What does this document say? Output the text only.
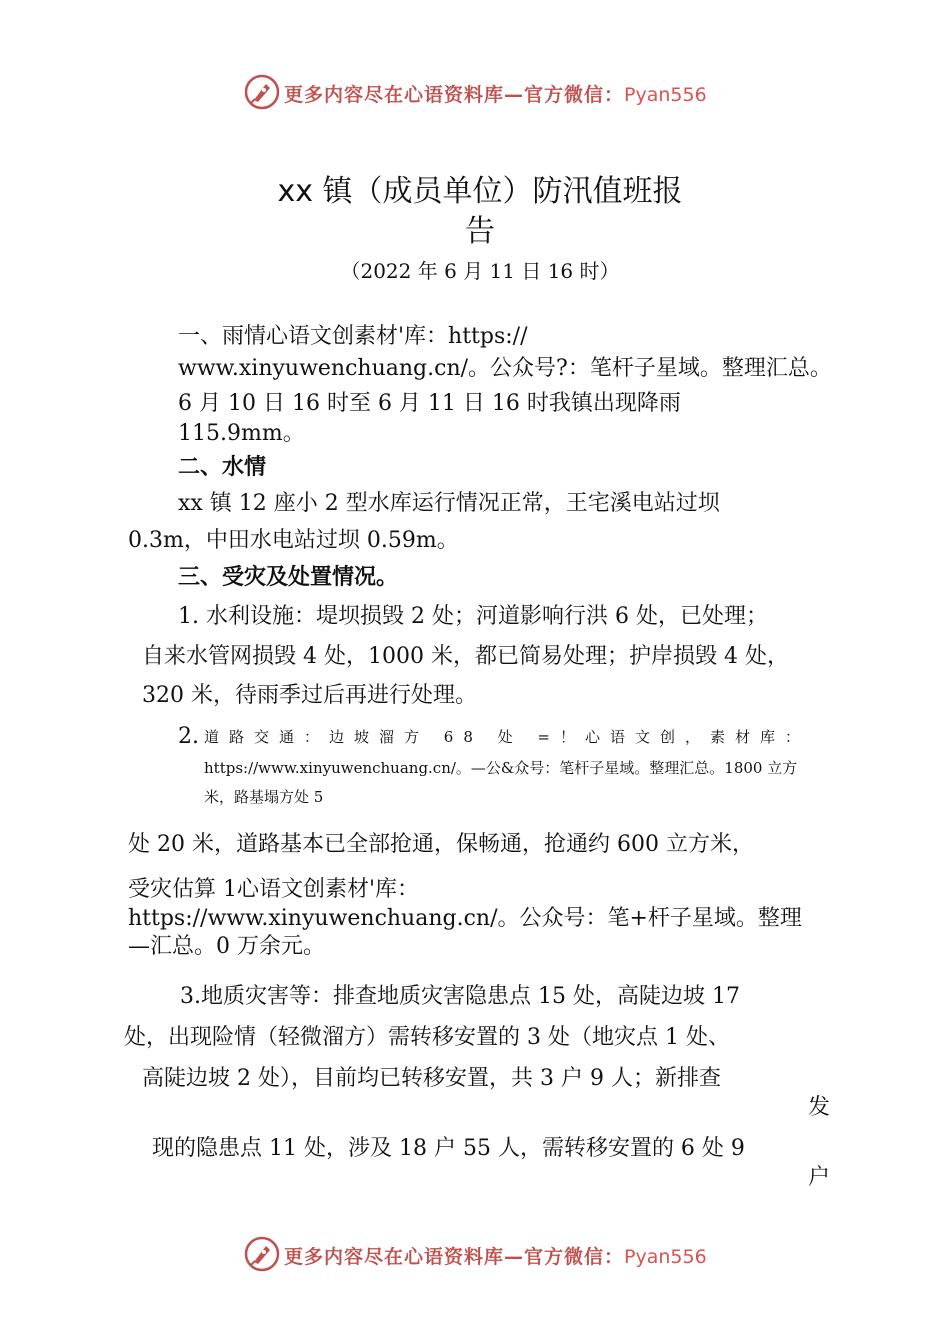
更多内容尽在心语资料库—官方微信：Pyan556
xx 镇（成员单位）防汛值班报
告
（2022 年 6 月 11 日 16 时）
一、雨情心语文创素材'库：https://
www.xinyuwenchuang.cn/。公众号?：笔杆子星域。整理汇总。
6 月 10 日 16 时至 6 月 11 日 16 时我镇出现降雨
115.9mm。
二、水情
xx 镇 12 座小 2 型水库运行情况正常，王宅溪电站过坝
0.3m，中田水电站过坝 0.59m。
三、受灾及处置情况。
1. 水利设施：堤坝损毁 2 处；河道影响行洪 6 处，已处理；
自来水管网损毁 4 处，1000 米，都已简易处理；护岸损毁 4 处，
320 米，待雨季过后再进行处理。
2. 道路交通：边坡溜方 68 处 =！心语文创，素材库：
https://www.xinyuwenchuang.cn/。—公&众号：笔杆子星域。整理汇总。1800 立方
米，路基塌方处 5
处 20 米，道路基本已全部抢通，保畅通，抢通约 600 立方米，
受灾估算 1心语文创素材'库：
https://www.xinyuwenchuang.cn/。公众号：笔+杆子星域。整理
—汇总。0 万余元。
3.地质灾害等：排查地质灾害隐患点 15 处，高陡边坡 17
处，出现险情（轻微溜方）需转移安置的 3 处（地灾点 1 处、
高陡边坡 2 处），目前均已转移安置，共 3 户 9 人；新排查
发
现的隐患点 11 处，涉及 18 户 55 人，需转移安置的 6 处 9
户
更多内容尽在心语资料库—官方微信：Pyan556
